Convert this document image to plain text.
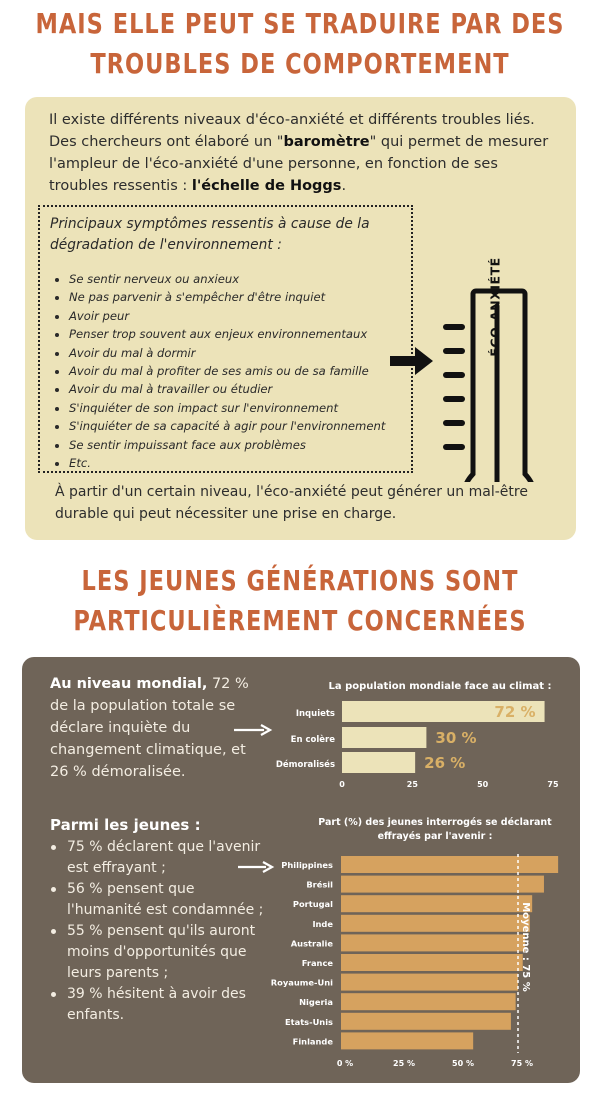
MAIS ELLE PEUT SE TRADUIRE PAR DES
TROUBLES DE COMPORTEMENT

Il existe différents niveaux d'éco-anxiété et différents troubles liés. Des chercheurs ont élaboré un "baromètre" qui permet de mesurer l'ampleur de l'éco-anxiété d'une personne, en fonction de ses troubles ressentis : l'échelle de Hoggs.

Principaux symptômes ressentis à cause de la dégradation de l'environnement :
Se sentir nerveux ou anxieux
Ne pas parvenir à s'empêcher d'être inquiet
Avoir peur
Penser trop souvent aux enjeux environnementaux
Avoir du mal à dormir
Avoir du mal à profiter de ses amis ou de sa famille
Avoir du mal à travailler ou étudier
S'inquiéter de son impact sur l'environnement
S'inquiéter de sa capacité à agir pour l'environnement
Se sentir impuissant face aux problèmes
Etc.
ÉCO-ANXIÉTÉ

À partir d'un certain niveau, l'éco-anxiété peut générer un mal-être durable qui peut nécessiter une prise en charge.

LES JEUNES GÉNÉRATIONS SONT
PARTICULIÈREMENT CONCERNÉES

Au niveau mondial, 72 % de la population totale se déclare inquiète du changement climatique, et 26 % démoralisée.

Parmi les jeunes :
75 % déclarent que l'avenir est effrayant ;
56 % pensent que l'humanité est condamnée ;
55 % pensent qu'ils auront moins d'opportunités que leurs parents ;
39 % hésitent à avoir des enfants.
La population mondiale face au climat :
Inquiets	72 %
En colère	30 %
Démoralisés	26 %
0	25	50	75
Part (%) des jeunes interrogés se déclarant
effrayés par l'avenir :
Philippines
Brésil
Portugal
Inde
Australie
France
Royaume-Uni
Nigeria
Etats-Unis
Finlande
Moyenne : 75 %
0 %	25 %	50 %	75 %
